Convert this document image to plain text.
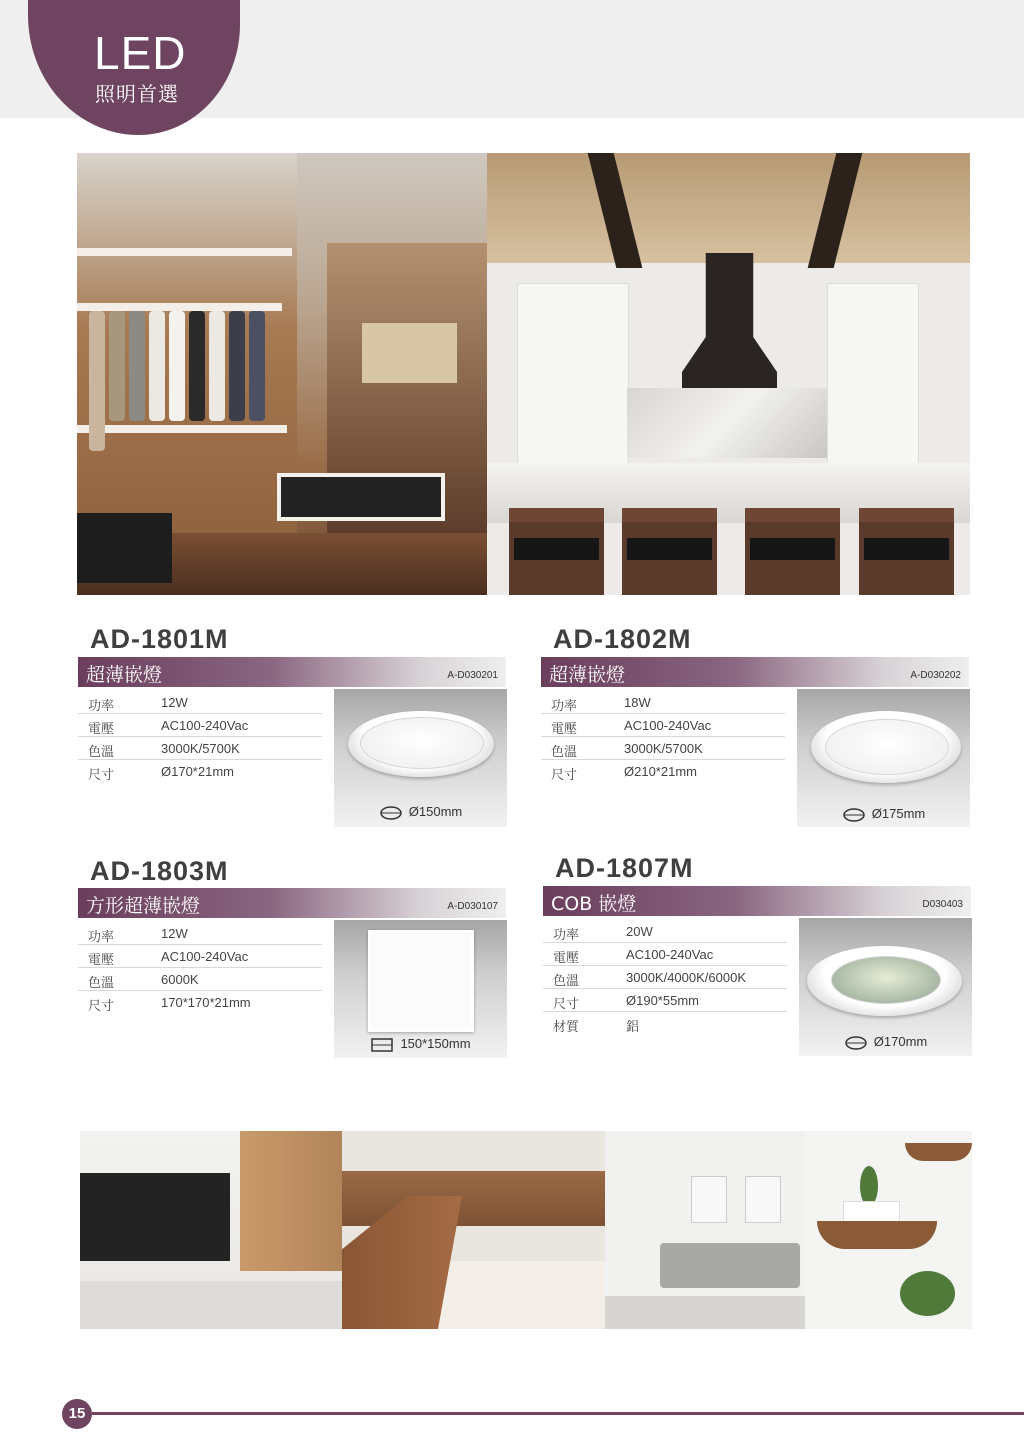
LED
照明首選
AD-1801M
超薄嵌燈	A-D030201
功率	12W
電壓	AC100-240Vac
色溫	3000K/5700K
尺寸	Ø170*21mm
Ø150mm
AD-1802M
超薄嵌燈	A-D030202
功率	18W
電壓	AC100-240Vac
色溫	3000K/5700K
尺寸	Ø210*21mm
Ø175mm
AD-1803M
方形超薄嵌燈	A-D030107
功率	12W
電壓	AC100-240Vac
色溫	6000K
尺寸	170*170*21mm
150*150mm
AD-1807M
COB 嵌燈	D030403
功率	20W
電壓	AC100-240Vac
色溫	3000K/4000K/6000K
尺寸	Ø190*55mm
材質	鋁
Ø170mm
15
